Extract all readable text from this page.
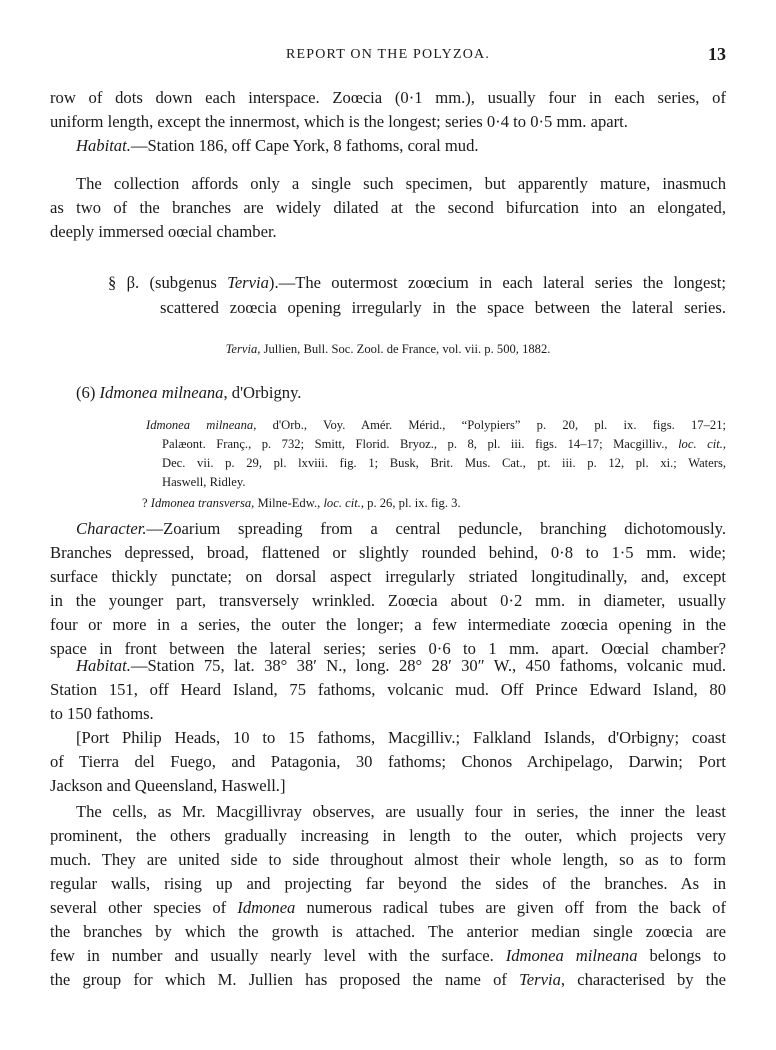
REPORT ON THE POLYZOA.	13
row of dots down each interspace. Zoœcia (0·1 mm.), usually four in each series, of
uniform length, except the innermost, which is the longest; series 0·4 to 0·5 mm. apart.
Habitat.—Station 186, off Cape York, 8 fathoms, coral mud.
The collection affords only a single such specimen, but apparently mature, inasmuch
as two of the branches are widely dilated at the second bifurcation into an elongated,
deeply immersed oœcial chamber.
§ β. (subgenus Tervia).—The outermost zoœcium in each lateral series the longest;
scattered zoœcia opening irregularly in the space between the lateral series.
Tervia, Jullien, Bull. Soc. Zool. de France, vol. vii. p. 500, 1882.
(6) Idmonea milneana, d'Orbigny.
Idmonea milneana, d'Orb., Voy. Amér. Mérid., “Polypiers” p. 20, pl. ix. figs. 17–21;
Palæont. Franç., p. 732; Smitt, Florid. Bryoz., p. 8, pl. iii. figs. 14–17; Macgilliv., loc. cit.,
Dec. vii. p. 29, pl. lxviii. fig. 1; Busk, Brit. Mus. Cat., pt. iii. p. 12, pl. xi.; Waters,
Haswell, Ridley.
? Idmonea transversa, Milne-Edw., loc. cit., p. 26, pl. ix. fig. 3.
Character.—Zoarium spreading from a central peduncle, branching dichotomously.
Branches depressed, broad, flattened or slightly rounded behind, 0·8 to 1·5 mm. wide;
surface thickly punctate; on dorsal aspect irregularly striated longitudinally, and, except
in the younger part, transversely wrinkled. Zoœcia about 0·2 mm. in diameter, usually
four or more in a series, the outer the longer; a few intermediate zoœcia opening in the
space in front between the lateral series; series 0·6 to 1 mm. apart. Oœcial chamber?
Habitat.—Station 75, lat. 38° 38′ N., long. 28° 28′ 30″ W., 450 fathoms, volcanic mud.
Station 151, off Heard Island, 75 fathoms, volcanic mud. Off Prince Edward Island, 80
to 150 fathoms.
[Port Philip Heads, 10 to 15 fathoms, Macgilliv.; Falkland Islands, d'Orbigny; coast
of Tierra del Fuego, and Patagonia, 30 fathoms; Chonos Archipelago, Darwin; Port
Jackson and Queensland, Haswell.]
The cells, as Mr. Macgillivray observes, are usually four in series, the inner the least
prominent, the others gradually increasing in length to the outer, which projects very
much. They are united side to side throughout almost their whole length, so as to form
regular walls, rising up and projecting far beyond the sides of the branches. As in
several other species of Idmonea numerous radical tubes are given off from the back of
the branches by which the growth is attached. The anterior median single zoœcia are
few in number and usually nearly level with the surface. Idmonea milneana belongs to
the group for which M. Jullien has proposed the name of Tervia, characterised by the
